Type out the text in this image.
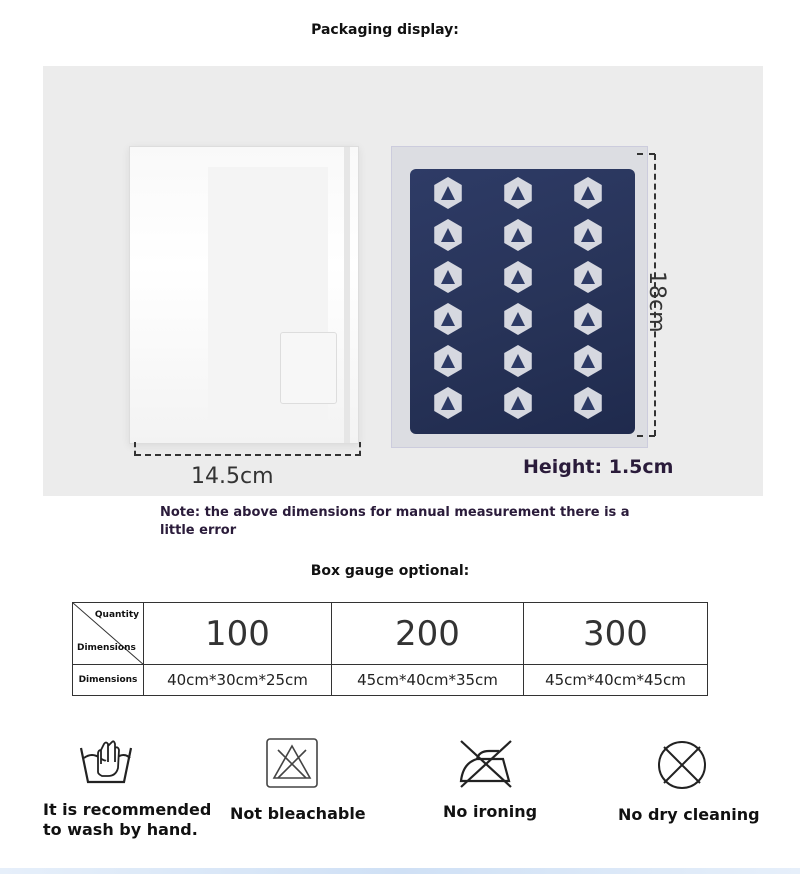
Packaging display:
14.5cm
18cm
Height: 1.5cm
Note: the above dimensions for manual measurement there is a little error
Box gauge optional:
Quantity
Dimensions	100	200	300
Dimensions	40cm*30cm*25cm	45cm*40cm*35cm	45cm*40cm*45cm
It is recommended to wash by hand.
Not bleachable	No ironing	No dry cleaning
